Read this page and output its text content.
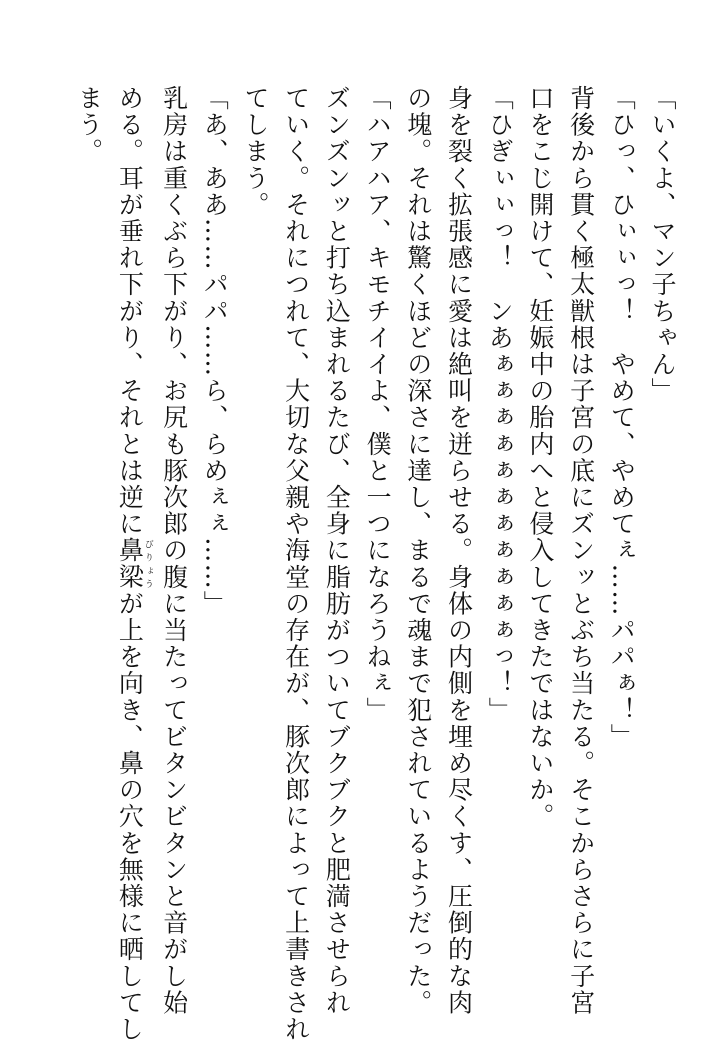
「いくよ、マン子ちゃん」
「ひっ、ひぃぃっ！　やめて、やめてぇ……パパぁ！」
背後から貫く極太獣根は子宮の底にズンッとぶち当たる。そこからさらに子宮
口をこじ開けて、妊娠中の胎内へと侵入してきたではないか。
「ひぎぃぃっ！　ンあぁぁぁぁぁぁぁぁぁぁぁっ！」
身を裂く拡張感に愛は絶叫を迸らせる。身体の内側を埋め尽くす、圧倒的な肉
の塊。それは驚くほどの深さに達し、まるで魂まで犯されているようだった。
「ハアハア、キモチイイよ、僕と一つになろうねぇ」
ズンズンッと打ち込まれるたび、全身に脂肪がついてブクブクと肥満させられ
ていく。それにつれて、大切な父親や海堂の存在が、豚次郎によって上書きされ
てしまう。
「あ、ああ……パパ……ら、らめぇぇ……」
乳房は重くぶら下がり、お尻も豚次郎の腹に当たってビタンビタンと音がし始
める。耳が垂れ下がり、それとは逆に鼻梁びりょうが上を向き、鼻の穴を無様に晒してし
まう。
